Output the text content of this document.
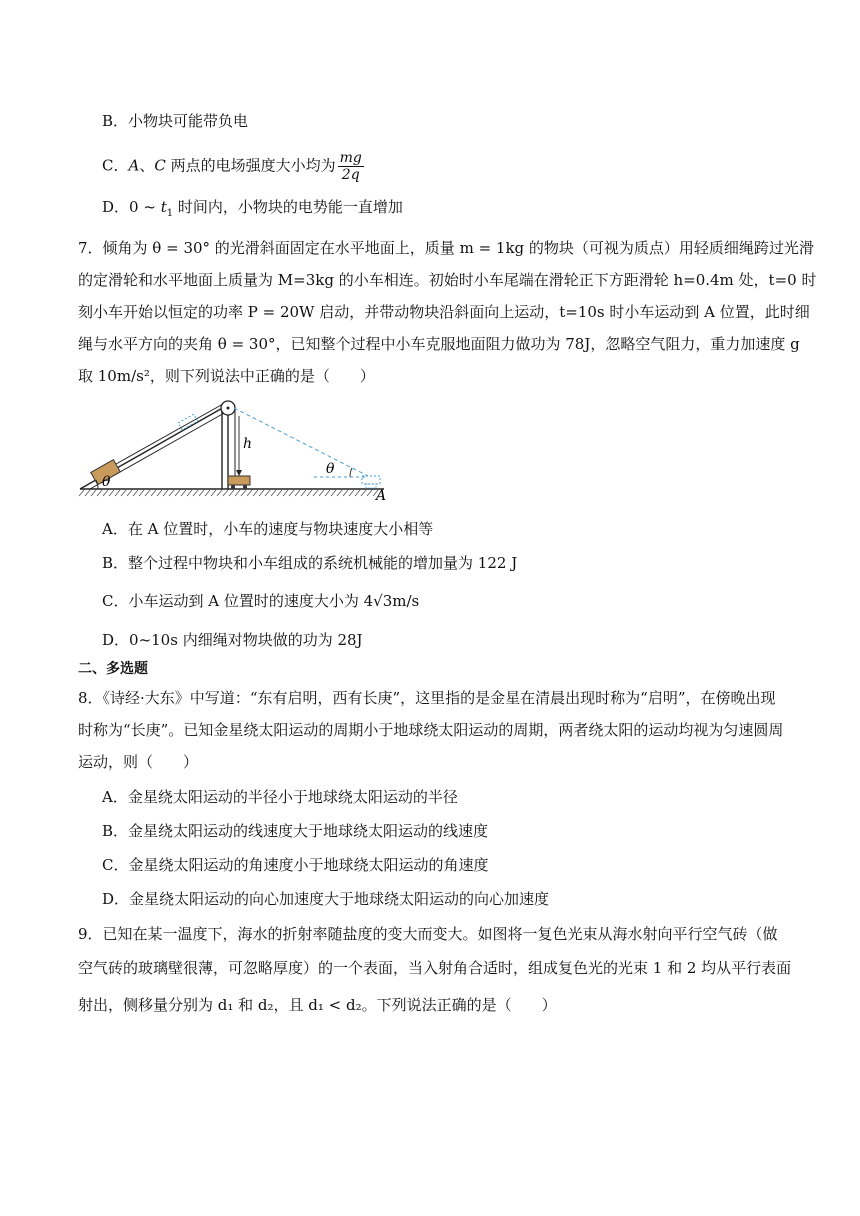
B．小物块可能带负电
C．A、C 两点的电场强度大小均为 $\frac{mg}{2q}$
D．0 ~ $t_1$ 时间内，小物块的电势能一直增加
7．倾角为 θ = 30° 的光滑斜面固定在水平地面上，质量 m = 1kg 的物块（可视为质点）用轻质细绳跨过光滑
的定滑轮和水平地面上质量为 M=3kg 的小车相连。初始时小车尾端在滑轮正下方距滑轮 h=0.4m 处，t=0 时
刻小车开始以恒定的功率 P = 20W 启动，并带动物块沿斜面向上运动，t=10s 时小车运动到 A 位置，此时细
绳与水平方向的夹角 θ = 30°，已知整个过程中小车克服地面阻力做功为 78J，忽略空气阻力，重力加速度 g
取 10m/s²，则下列说法中正确的是（　　）
h
θ
A
θ
A．在 A 位置时，小车的速度与物块速度大小相等
B．整个过程中物块和小车组成的系统机械能的增加量为 122 J
C．小车运动到 A 位置时的速度大小为 4√3m/s
D．0~10s 内细绳对物块做的功为 28J
二、多选题
8．《诗经·大东》中写道：“东有启明，西有长庚”，这里指的是金星在清晨出现时称为“启明”，在傍晚出现
时称为“长庚”。已知金星绕太阳运动的周期小于地球绕太阳运动的周期，两者绕太阳的运动均视为匀速圆周
运动，则（　　）
A．金星绕太阳运动的半径小于地球绕太阳运动的半径
B．金星绕太阳运动的线速度大于地球绕太阳运动的线速度
C．金星绕太阳运动的角速度小于地球绕太阳运动的角速度
D．金星绕太阳运动的向心加速度大于地球绕太阳运动的向心加速度
9．已知在某一温度下，海水的折射率随盐度的变大而变大。如图将一复色光束从海水射向平行空气砖（做
空气砖的玻璃壁很薄，可忽略厚度）的一个表面，当入射角合适时，组成复色光的光束 1 和 2 均从平行表面
射出，侧移量分别为 d₁ 和 d₂，且 d₁ < d₂。下列说法正确的是（　　）
